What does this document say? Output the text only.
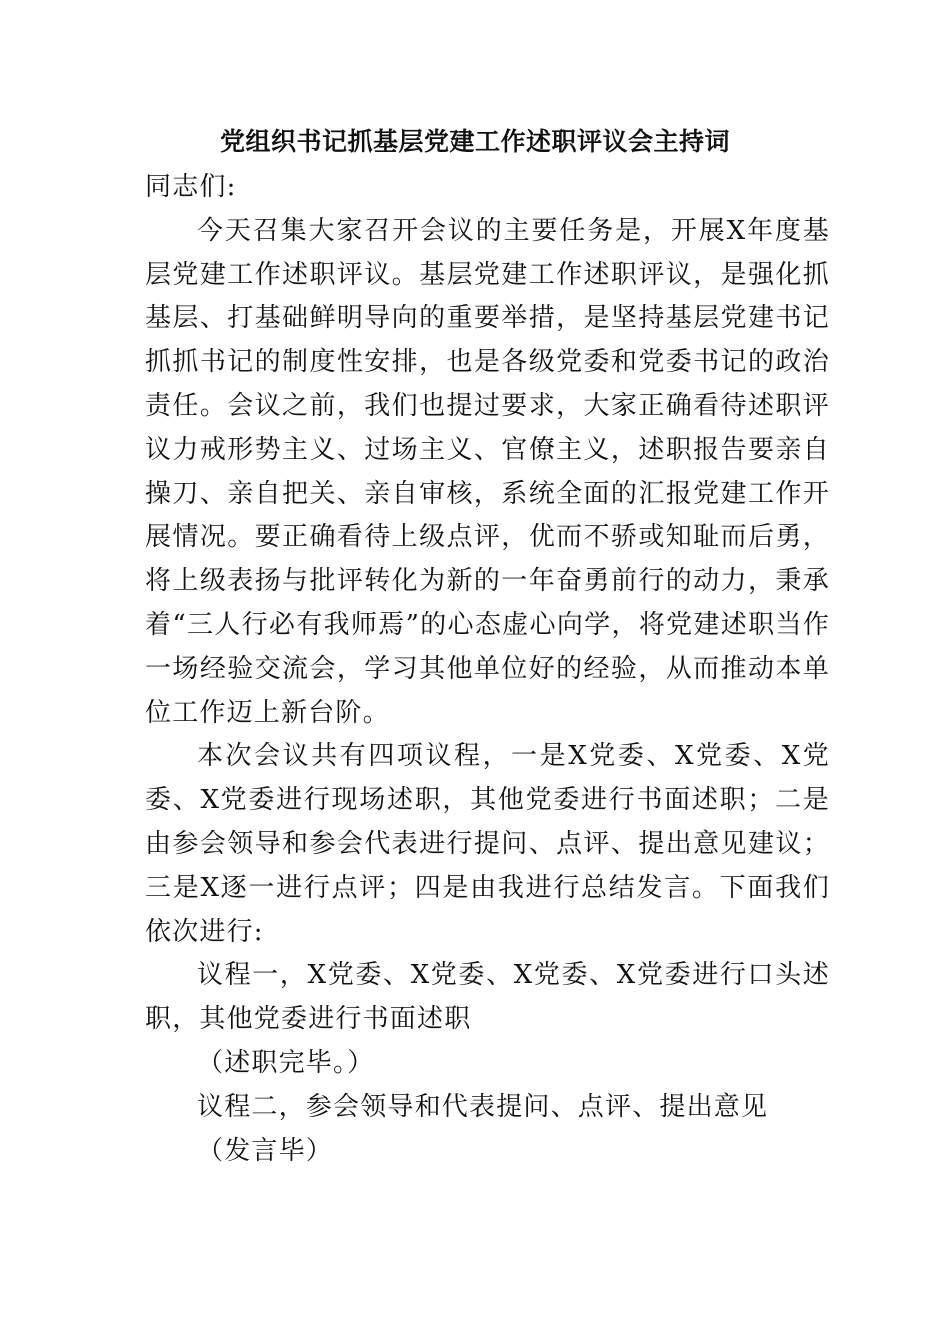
党组织书记抓基层党建工作述职评议会主持词

同志们:

今天召集大家召开会议的主要任务是，开展X年度基层党建工作述职评议。基层党建工作述职评议，是强化抓基层、打基础鲜明导向的重要举措，是坚持基层党建书记抓抓书记的制度性安排，也是各级党委和党委书记的政治责任。会议之前，我们也提过要求，大家正确看待述职评议力戒形势主义、过场主义、官僚主义，述职报告要亲自操刀、亲自把关、亲自审核，系统全面的汇报党建工作开展情况。要正确看待上级点评，优而不骄或知耻而后勇，将上级表扬与批评转化为新的一年奋勇前行的动力，秉承着“三人行必有我师焉”的心态虚心向学，将党建述职当作一场经验交流会，学习其他单位好的经验，从而推动本单位工作迈上新台阶。

本次会议共有四项议程，一是X党委、X党委、X党委、X党委进行现场述职，其他党委进行书面述职；二是由参会领导和参会代表进行提问、点评、提出意见建议；三是X逐一进行点评；四是由我进行总结发言。下面我们依次进行:

议程一，X党委、X党委、X党委、X党委进行口头述职，其他党委进行书面述职

（述职完毕。）

议程二，参会领导和代表提问、点评、提出意见

（发言毕）
